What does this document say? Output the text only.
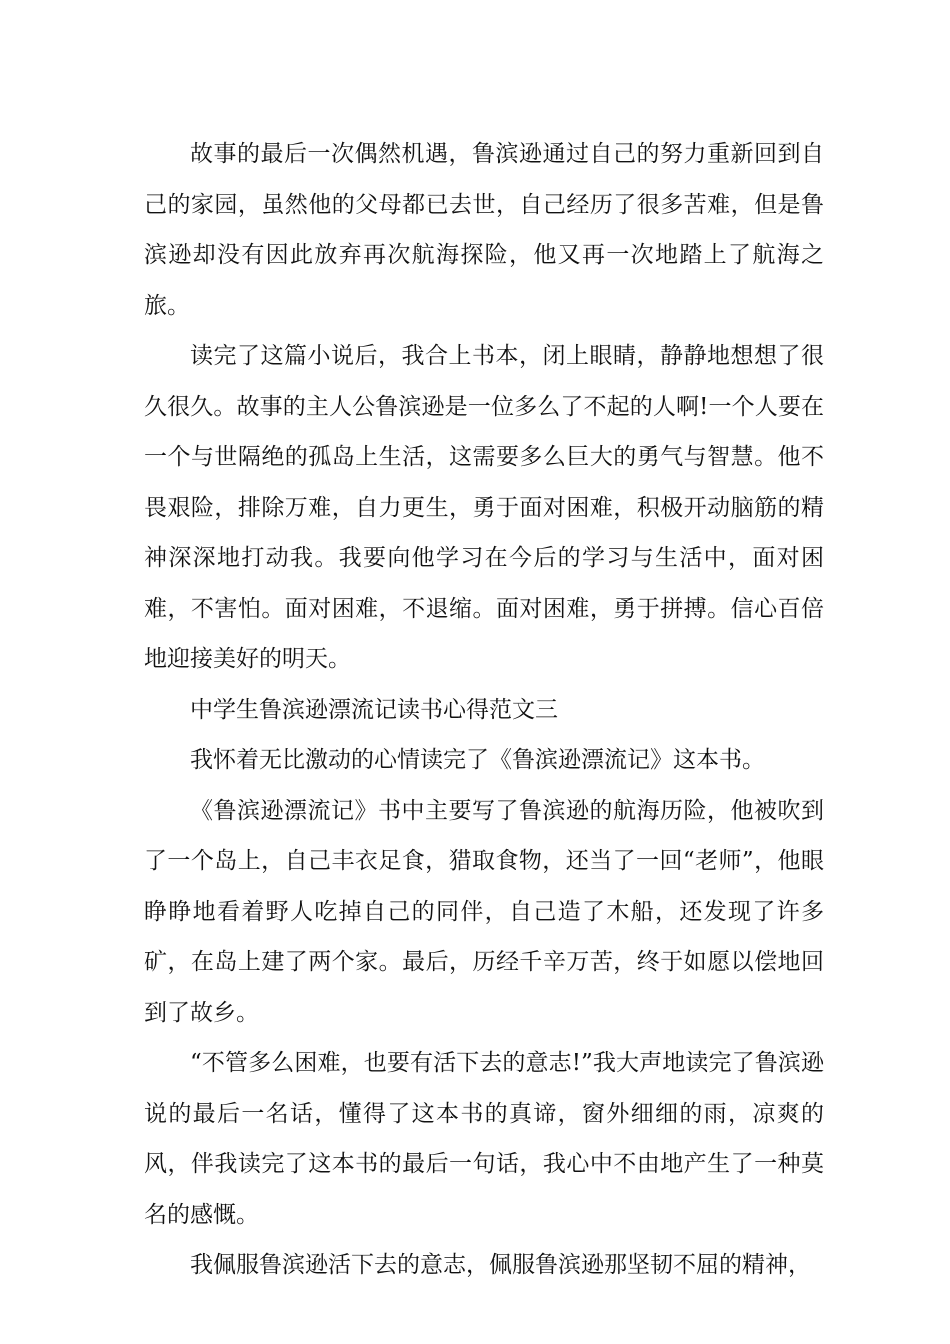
故事的最后一次偶然机遇，鲁滨逊通过自己的努力重新回到自己的家园，虽然他的父母都已去世，自己经历了很多苦难，但是鲁滨逊却没有因此放弃再次航海探险，他又再一次地踏上了航海之旅。

读完了这篇小说后，我合上书本，闭上眼睛，静静地想想了很久很久。故事的主人公鲁滨逊是一位多么了不起的人啊!一个人要在一个与世隔绝的孤岛上生活，这需要多么巨大的勇气与智慧。他不畏艰险，排除万难，自力更生，勇于面对困难，积极开动脑筋的精神深深地打动我。我要向他学习在今后的学习与生活中，面对困难，不害怕。面对困难，不退缩。面对困难，勇于拼搏。信心百倍地迎接美好的明天。

中学生鲁滨逊漂流记读书心得范文三

我怀着无比激动的心情读完了《鲁滨逊漂流记》这本书。

《鲁滨逊漂流记》书中主要写了鲁滨逊的航海历险，他被吹到了一个岛上，自己丰衣足食，猎取食物，还当了一回“老师”，他眼睁睁地看着野人吃掉自己的同伴，自己造了木船，还发现了许多矿，在岛上建了两个家。最后，历经千辛万苦，终于如愿以偿地回到了故乡。

“不管多么困难，也要有活下去的意志!”我大声地读完了鲁滨逊说的最后一名话，懂得了这本书的真谛，窗外细细的雨，凉爽的风，伴我读完了这本书的最后一句话，我心中不由地产生了一种莫名的感慨。

我佩服鲁滨逊活下去的意志，佩服鲁滨逊那坚韧不屈的精神，
